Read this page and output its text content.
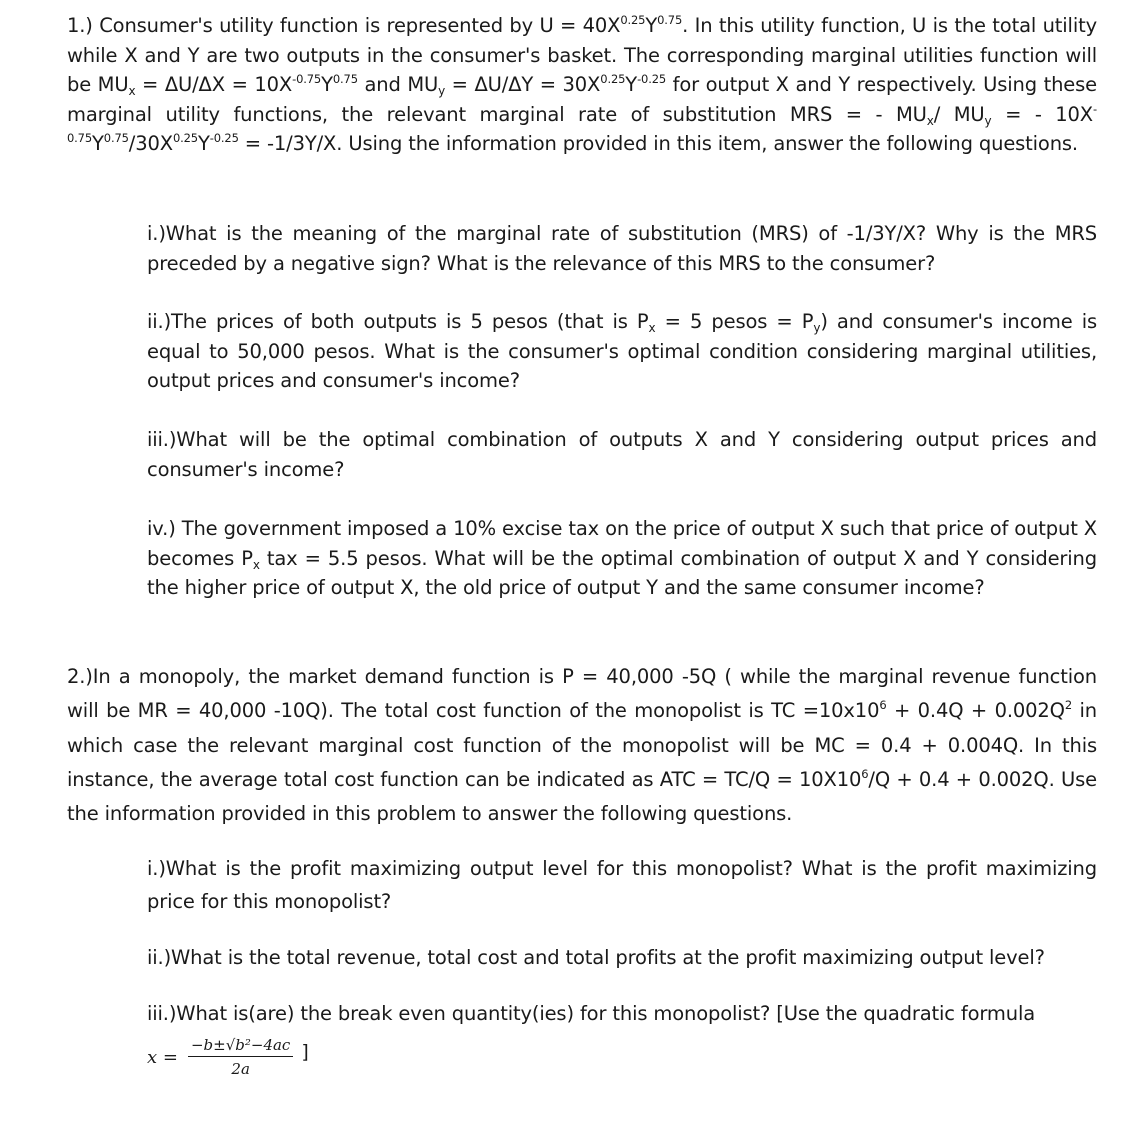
1.) Consumer's utility function is represented by $U = 40X^{0.25}Y^{0.75}$. In this utility function, U is the total utility while X and Y are two outputs in the consumer's basket. The corresponding marginal utilities function will be $MU_x = \Delta U/\Delta X = 10X^{-0.75}Y^{0.75}$ and $MU_y = \Delta U/\Delta Y = 30X^{0.25}Y^{-0.25}$ for output X and Y respectively. Using these marginal utility functions, the relevant marginal rate of substitution MRS = - $MU_x/$ $MU_y$ = - $10X^{-0.75}Y^{0.75}/30X^{0.25}Y^{-0.25} = -1/3Y/X$. Using the information provided in this item, answer the following questions.

i.)What is the meaning of the marginal rate of substitution (MRS) of -1/3Y/X? Why is the MRS preceded by a negative sign? What is the relevance of this MRS to the consumer?

ii.)The prices of both outputs is 5 pesos (that is $P_x = 5$ pesos = $P_y$) and consumer's income is equal to 50,000 pesos. What is the consumer's optimal condition considering marginal utilities, output prices and consumer's income?

iii.)What will be the optimal combination of outputs X and Y considering output prices and consumer's income?

iv.) The government imposed a 10% excise tax on the price of output X such that price of output X becomes $P_x$ tax = 5.5 pesos. What will be the optimal combination of output X and Y considering the higher price of output X, the old price of output Y and the same consumer income?

2.)In a monopoly, the market demand function is P = 40,000 -5Q ( while the marginal revenue function will be MR = 40,000 -10Q). The total cost function of the monopolist is TC $=10x10^6 + 0.4Q + 0.002Q^2$ in which case the relevant marginal cost function of the monopolist will be MC = 0.4 + 0.004Q. In this instance, the average total cost function can be indicated as ATC = $TC/Q = 10X10^6/Q + 0.4 + 0.002Q$. Use the information provided in this problem to answer the following questions.

i.)What is the profit maximizing output level for this monopolist? What is the profit maximizing price for this monopolist?

ii.)What is the total revenue, total cost and total profits at the profit maximizing output level?

iii.)What is(are) the break even quantity(ies) for this monopolist? [Use the quadratic formula

$x = \frac{\text{−b±√b²−4ac}}{2a}$ ]
